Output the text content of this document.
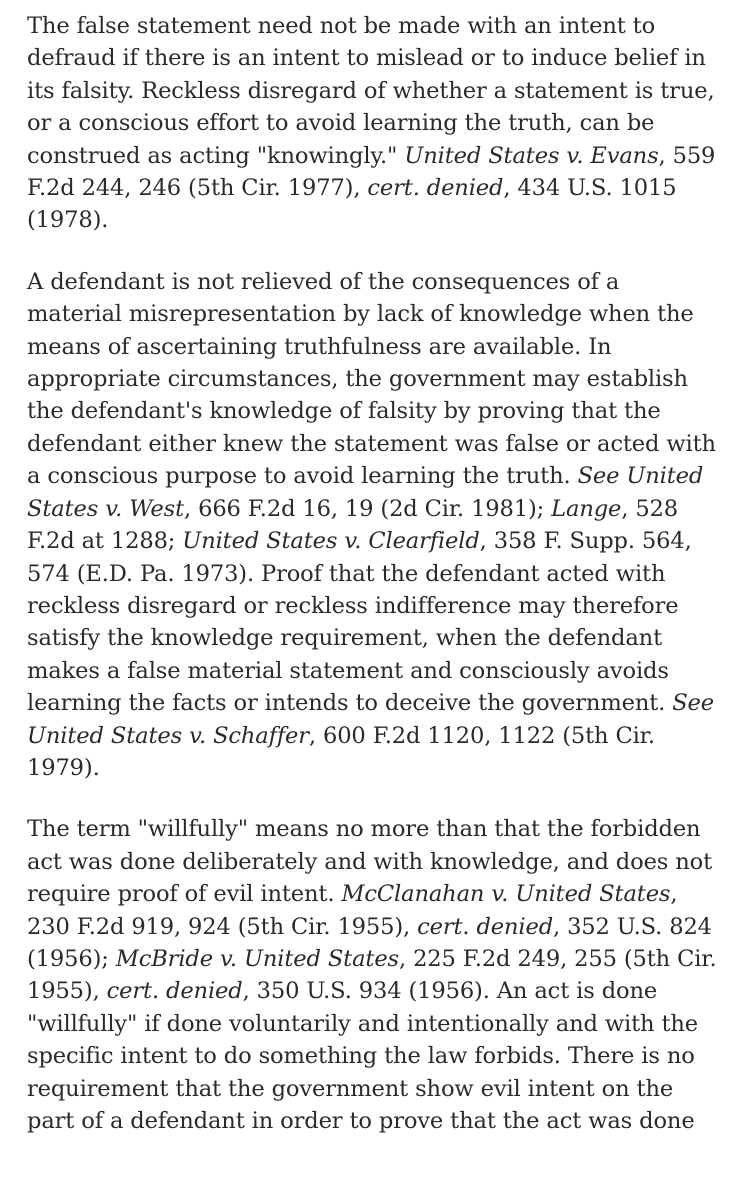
The false statement need not be made with an intent to defraud if there is an intent to mislead or to induce belief in its falsity. Reckless disregard of whether a statement is true, or a conscious effort to avoid learning the truth, can be construed as acting "knowingly." United States v. Evans, 559 F.2d 244, 246 (5th Cir. 1977), cert. denied, 434 U.S. 1015 (1978).

A defendant is not relieved of the consequences of a material misrepresentation by lack of knowledge when the means of ascertaining truthfulness are available. In appropriate circumstances, the government may establish the defendant's knowledge of falsity by proving that the defendant either knew the statement was false or acted with a conscious purpose to avoid learning the truth. See United States v. West, 666 F.2d 16, 19 (2d Cir. 1981); Lange, 528 F.2d at 1288; United States v. Clearfield, 358 F. Supp. 564, 574 (E.D. Pa. 1973). Proof that the defendant acted with reckless disregard or reckless indifference may therefore satisfy the knowledge requirement, when the defendant makes a false material statement and consciously avoids learning the facts or intends to deceive the government. See United States v. Schaffer, 600 F.2d 1120, 1122 (5th Cir. 1979).

The term "willfully" means no more than that the forbidden act was done deliberately and with knowledge, and does not require proof of evil intent. McClanahan v. United States, 230 F.2d 919, 924 (5th Cir. 1955), cert. denied, 352 U.S. 824 (1956); McBride v. United States, 225 F.2d 249, 255 (5th Cir. 1955), cert. denied, 350 U.S. 934 (1956). An act is done "willfully" if done voluntarily and intentionally and with the specific intent to do something the law forbids. There is no requirement that the government show evil intent on the part of a defendant in order to prove that the act was done
